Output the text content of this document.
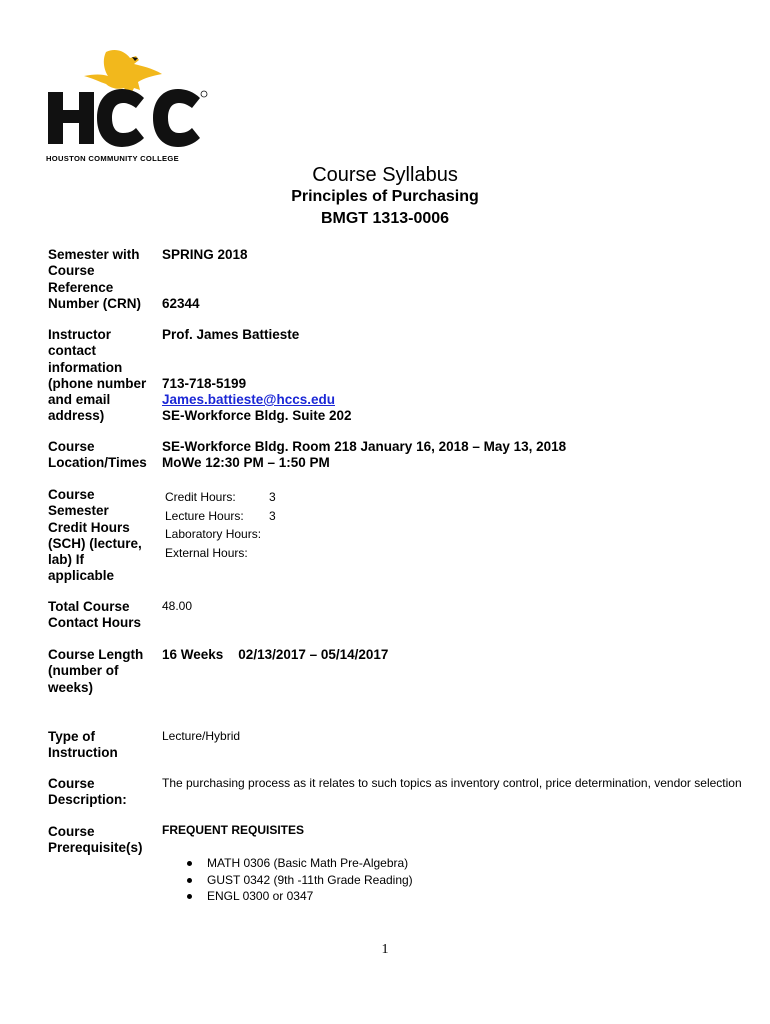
HOUSTON COMMUNITY COLLEGE
Course Syllabus
Principles of Purchasing
BMGT 1313-0006
Semester with
Course
Reference
Number (CRN)
SPRING 2018
62344
Instructor
contact
information
(phone number
and email
address)
Prof. James Battieste
713-718-5199
James.battieste@hccs.edu
SE-Workforce Bldg. Suite 202
Course
Location/Times
SE-Workforce Bldg. Room 218 January 16, 2018 – May 13, 2018
MoWe 12:30 PM – 1:50 PM
Course
Semester
Credit Hours
(SCH) (lecture,
lab) If
applicable
Credit Hours:	3
Lecture Hours:	3
Laboratory Hours:
External Hours:
Total Course
Contact Hours
48.00
Course Length
(number of
weeks)
16 Weeks    02/13/2017 – 05/14/2017
Type of
Instruction
Lecture/Hybrid
Course
Description:
The purchasing process as it relates to such topics as inventory control, price determination, vendor selection
Course
Prerequisite(s)
FREQUENT REQUISITES
MATH 0306 (Basic Math Pre-Algebra)
GUST 0342 (9th -11th Grade Reading)
ENGL 0300 or 0347
1
